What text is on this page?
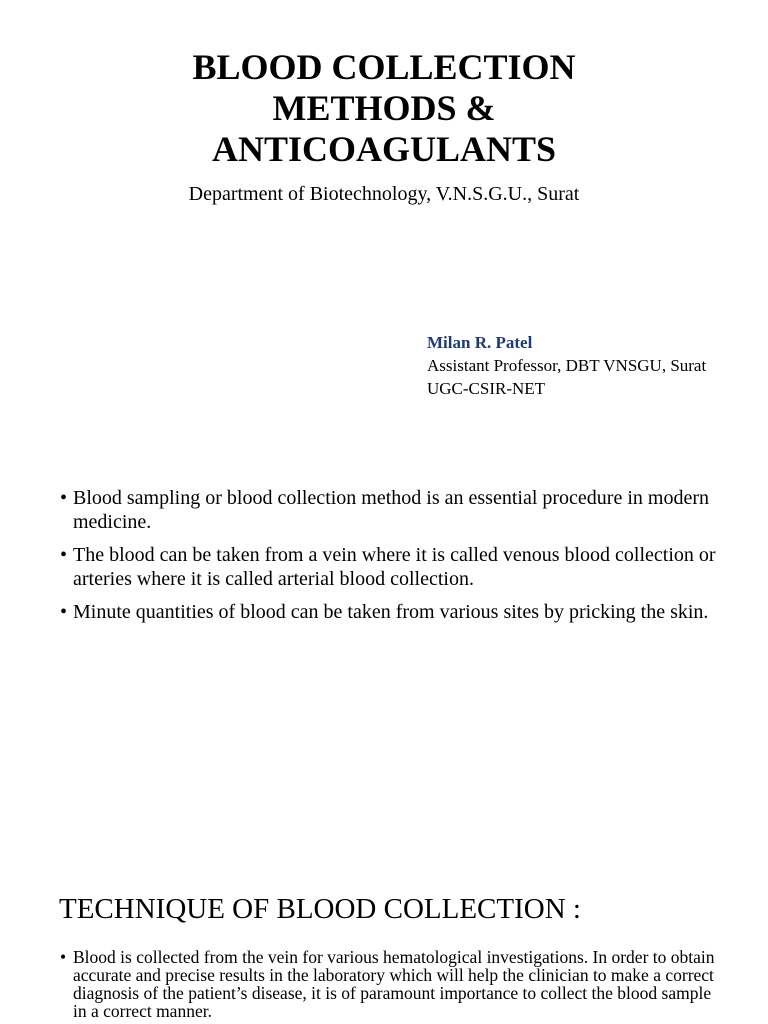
BLOOD COLLECTION
METHODS &
ANTICOAGULANTS

Department of Biotechnology, V.N.S.G.U., Surat

Milan R. Patel
Assistant Professor, DBT VNSGU, Surat
UGC-CSIR-NET
• Blood sampling or blood collection method is an essential procedure in modern medicine.
• The blood can be taken from a vein where it is called venous blood collection or arteries where it is called arterial blood collection.
• Minute quantities of blood can be taken from various sites by pricking the skin.
TECHNIQUE OF BLOOD COLLECTION :
• Blood is collected from the vein for various hematological investigations. In order to obtain accurate and precise results in the laboratory which will help the clinician to make a correct diagnosis of the patient’s disease, it is of paramount importance to collect the blood sample in a correct manner.
